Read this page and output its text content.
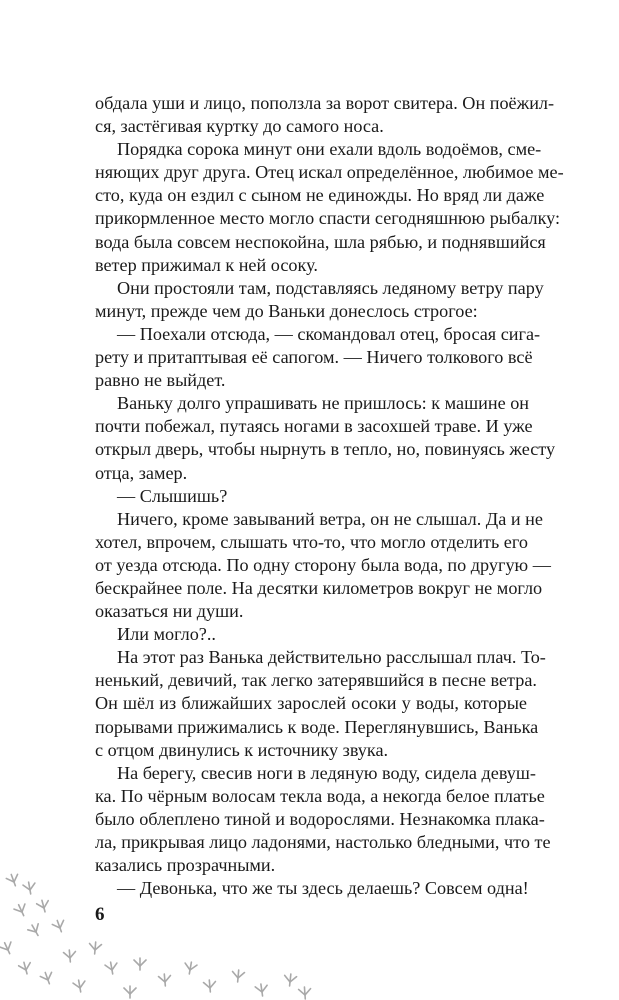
обдала уши и лицо, поползла за ворот свитера. Он поёжил-
ся, застёгивая куртку до самого носа.
Порядка сорока минут они ехали вдоль водоёмов, сме-
няющих друг друга. Отец искал определённое, любимое ме-
сто, куда он ездил с сыном не единожды. Но вряд ли даже
прикормленное место могло спасти сегодняшнюю рыбалку:
вода была совсем неспокойна, шла рябью, и поднявшийся
ветер прижимал к ней осоку.
Они простояли там, подставляясь ледяному ветру пару
минут, прежде чем до Ваньки донеслось строгое:
— Поехали отсюда, — скомандовал отец, бросая сига-
рету и притаптывая её сапогом. — Ничего толкового всё
равно не выйдет.
Ваньку долго упрашивать не пришлось: к машине он
почти побежал, путаясь ногами в засохшей траве. И уже
открыл дверь, чтобы нырнуть в тепло, но, повинуясь жесту
отца, замер.
— Слышишь?
Ничего, кроме завываний ветра, он не слышал. Да и не
хотел, впрочем, слышать что-то, что могло отделить его
от уезда отсюда. По одну сторону была вода, по другую —
бескрайнее поле. На десятки километров вокруг не могло
оказаться ни души.
Или могло?..
На этот раз Ванька действительно расслышал плач. То-
ненький, девичий, так легко затерявшийся в песне ветра.
Он шёл из ближайших зарослей осоки у воды, которые
порывами прижимались к воде. Переглянувшись, Ванька
с отцом двинулись к источнику звука.
На берегу, свесив ноги в ледяную воду, сидела девуш-
ка. По чёрным волосам текла вода, а некогда белое платье
было облеплено тиной и водорослями. Незнакомка плака-
ла, прикрывая лицо ладонями, настолько бледными, что те
казались прозрачными.
— Девонька, что же ты здесь делаешь? Совсем одна!
6
